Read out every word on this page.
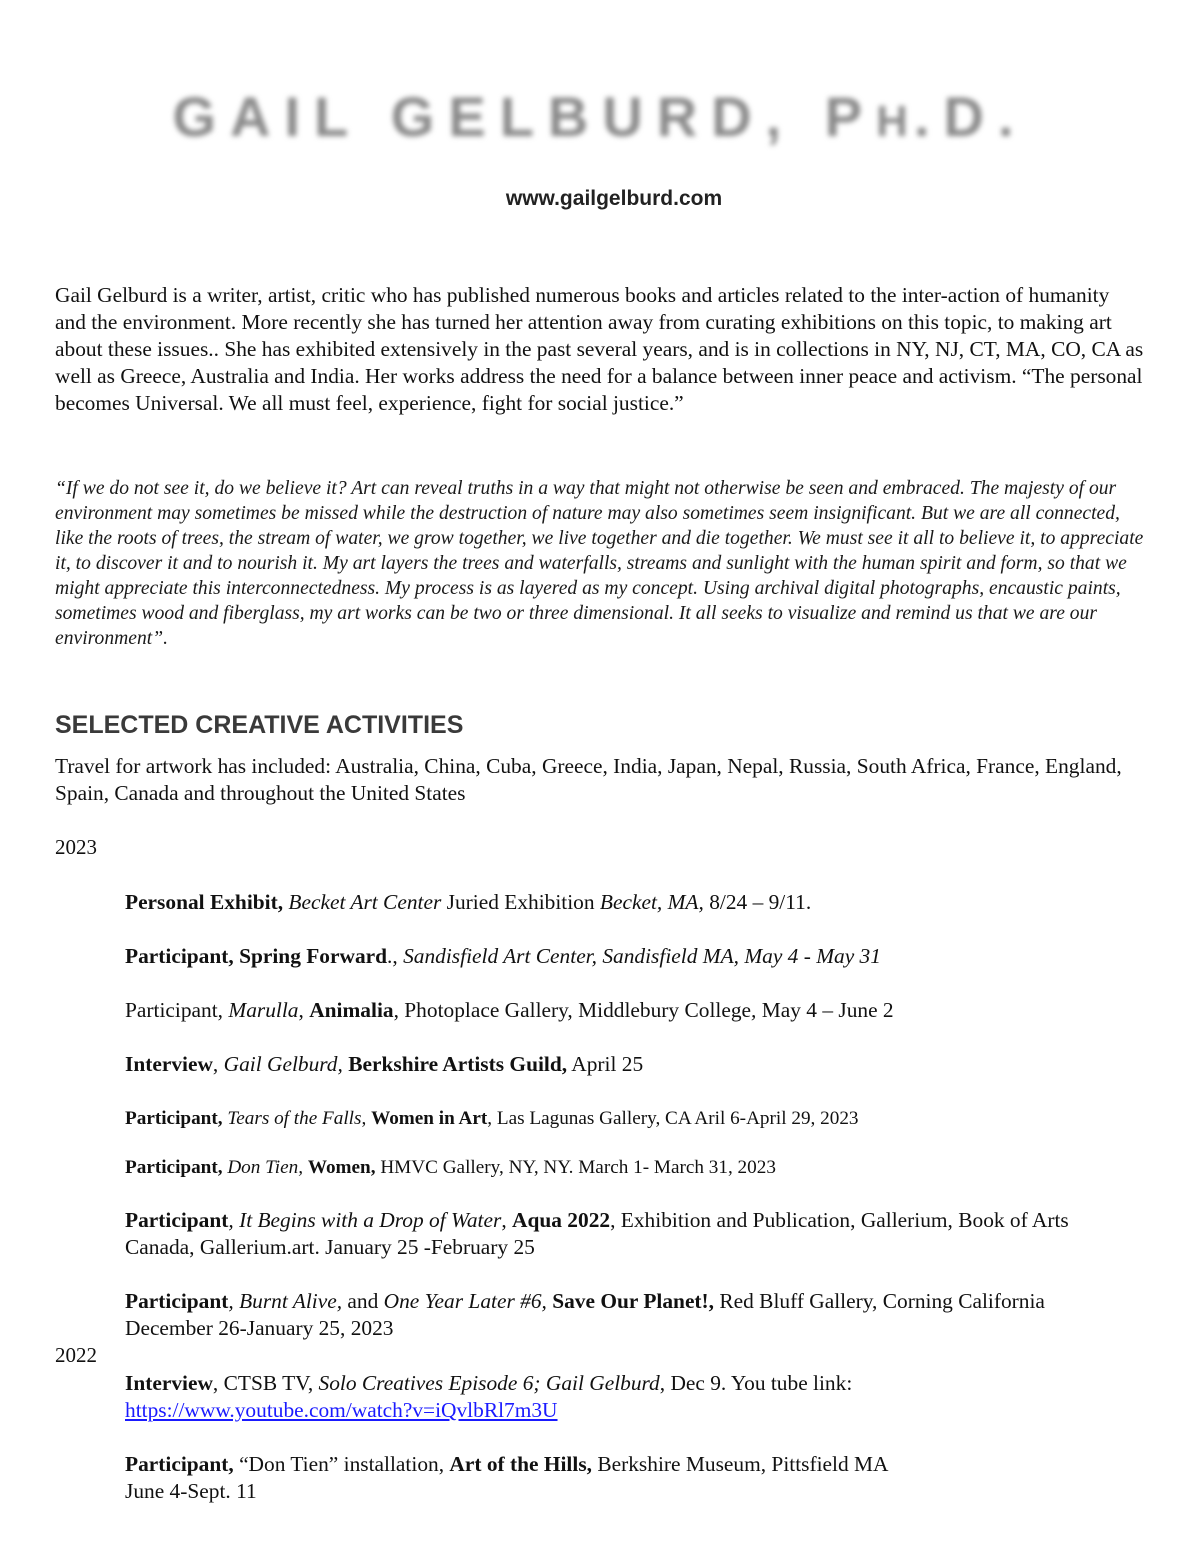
GAIL GELBURD, PH.D.
www.gailgelburd.com

Gail Gelburd is a writer, artist, critic who has published numerous books and articles related to the inter-action of humanity and the environment. More recently she has turned her attention away from curating exhibitions on this topic, to making art about these issues.. She has exhibited extensively in the past several years, and is in collections in NY, NJ, CT, MA, CO, CA as well as Greece, Australia and India. Her works address the need for a balance between inner peace and activism. “The personal becomes Universal. We all must feel, experience, fight for social justice.”

“If we do not see it, do we believe it? Art can reveal truths in a way that might not otherwise be seen and embraced. The majesty of our environment may sometimes be missed while the destruction of nature may also sometimes seem insignificant. But we are all connected, like the roots of trees, the stream of water, we grow together, we live together and die together. We must see it all to believe it, to appreciate it, to discover it and to nourish it. My art layers the trees and waterfalls, streams and sunlight with the human spirit and form, so that we might appreciate this interconnectedness. My process is as layered as my concept. Using archival digital photographs, encaustic paints, sometimes wood and fiberglass, my art works can be two or three dimensional. It all seeks to visualize and remind us that we are our environment”.

SELECTED CREATIVE ACTIVITIES

Travel for artwork has included: Australia, China, Cuba, Greece, India, Japan, Nepal, Russia, South Africa, France, England, Spain, Canada and throughout the United States

2023

Personal Exhibit, Becket Art Center Juried Exhibition Becket, MA, 8/24 – 9/11.

Participant, Spring Forward., Sandisfield Art Center, Sandisfield MA, May 4 - May 31

Participant, Marulla, Animalia, Photoplace Gallery, Middlebury College, May 4 – June 2

Interview, Gail Gelburd, Berkshire Artists Guild, April 25

Participant, Tears of the Falls, Women in Art, Las Lagunas Gallery, CA Aril 6-April 29, 2023

Participant, Don Tien, Women, HMVC Gallery, NY, NY. March 1- March 31, 2023

Participant, It Begins with a Drop of Water, Aqua 2022, Exhibition and Publication, Gallerium, Book of Arts Canada, Gallerium.art. January 25 -February 25

Participant, Burnt Alive, and One Year Later #6, Save Our Planet!, Red Bluff Gallery, Corning California December 26-January 25, 2023

2022

Interview, CTSB TV, Solo Creatives Episode 6; Gail Gelburd, Dec 9. You tube link:
https://www.youtube.com/watch?v=iQvlbRl7m3U

Participant, “Don Tien” installation, Art of the Hills, Berkshire Museum, Pittsfield MA
June 4-Sept. 11
